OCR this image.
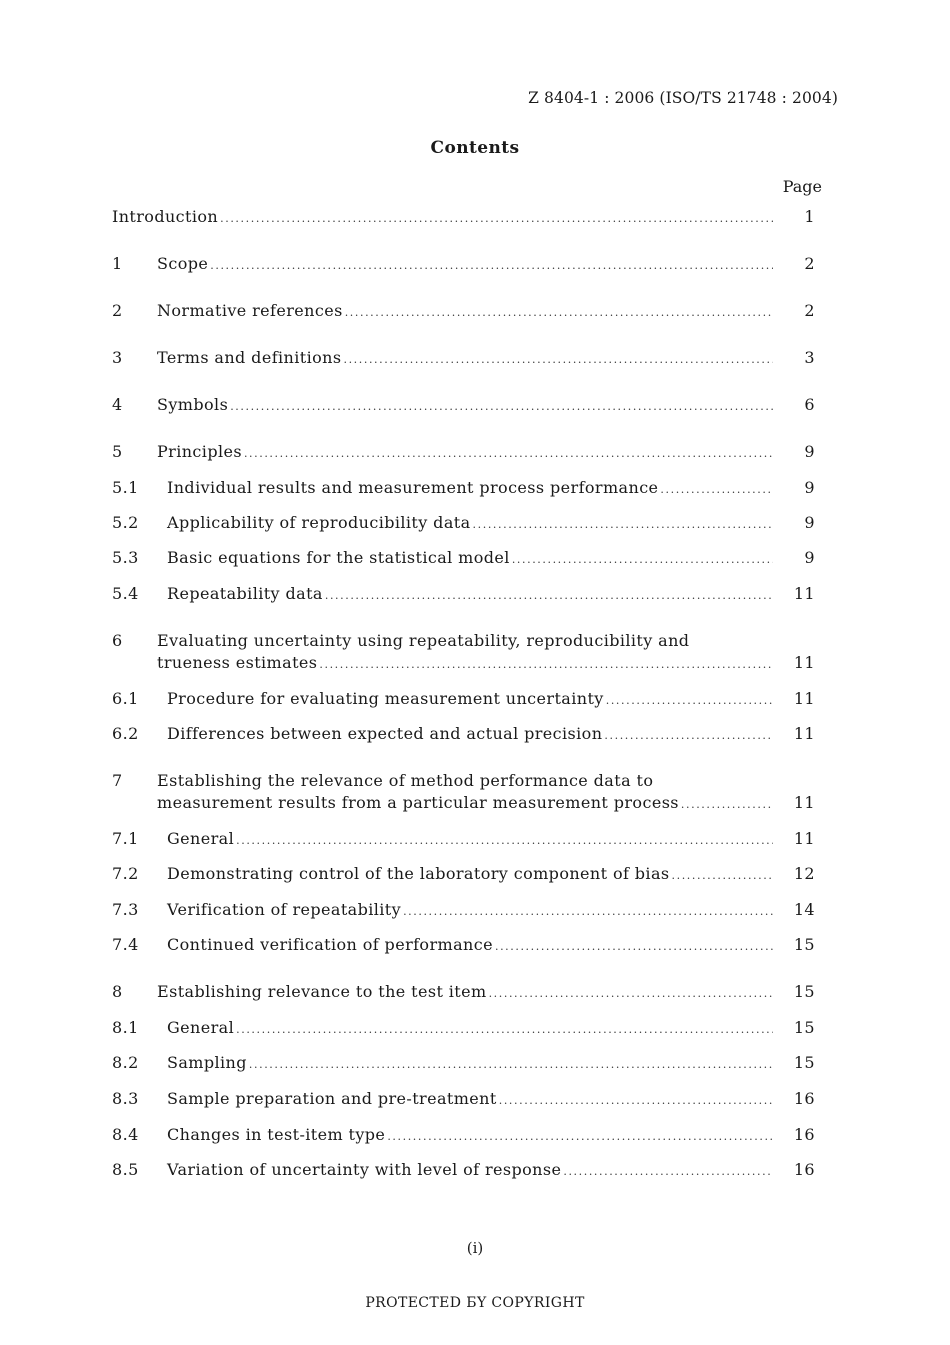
Z 8404-1 : 2006 (ISO/TS 21748 : 2004)
Contents
Page
Introduction .....	1
1 Scope .....	2
2 Normative references .....	2
3 Terms and definitions .....	3
4 Symbols .....	6
5 Principles .....	9
5.1 Individual results and measurement process performance .....	9
5.2 Applicability of reproducibility data .....	9
5.3 Basic equations for the statistical model .....	9
5.4 Repeatability data .....	11
6 Evaluating uncertainty using repeatability, reproducibility and
trueness estimates .....	11
6.1 Procedure for evaluating measurement uncertainty .....	11
6.2 Differences between expected and actual precision .....	11
7 Establishing the relevance of method performance data to
measurement results from a particular measurement process .....	11
7.1 General .....	11
7.2 Demonstrating control of the laboratory component of bias .....	12
7.3 Verification of repeatability .....	14
7.4 Continued verification of performance .....	15
8 Establishing relevance to the test item .....	15
8.1 General .....	15
8.2 Sampling .....	15
8.3 Sample preparation and pre-treatment .....	16
8.4 Changes in test-item type .....	16
8.5 Variation of uncertainty with level of response .....	16
(i)
PROTECTED ƂY COPYRIGHT
